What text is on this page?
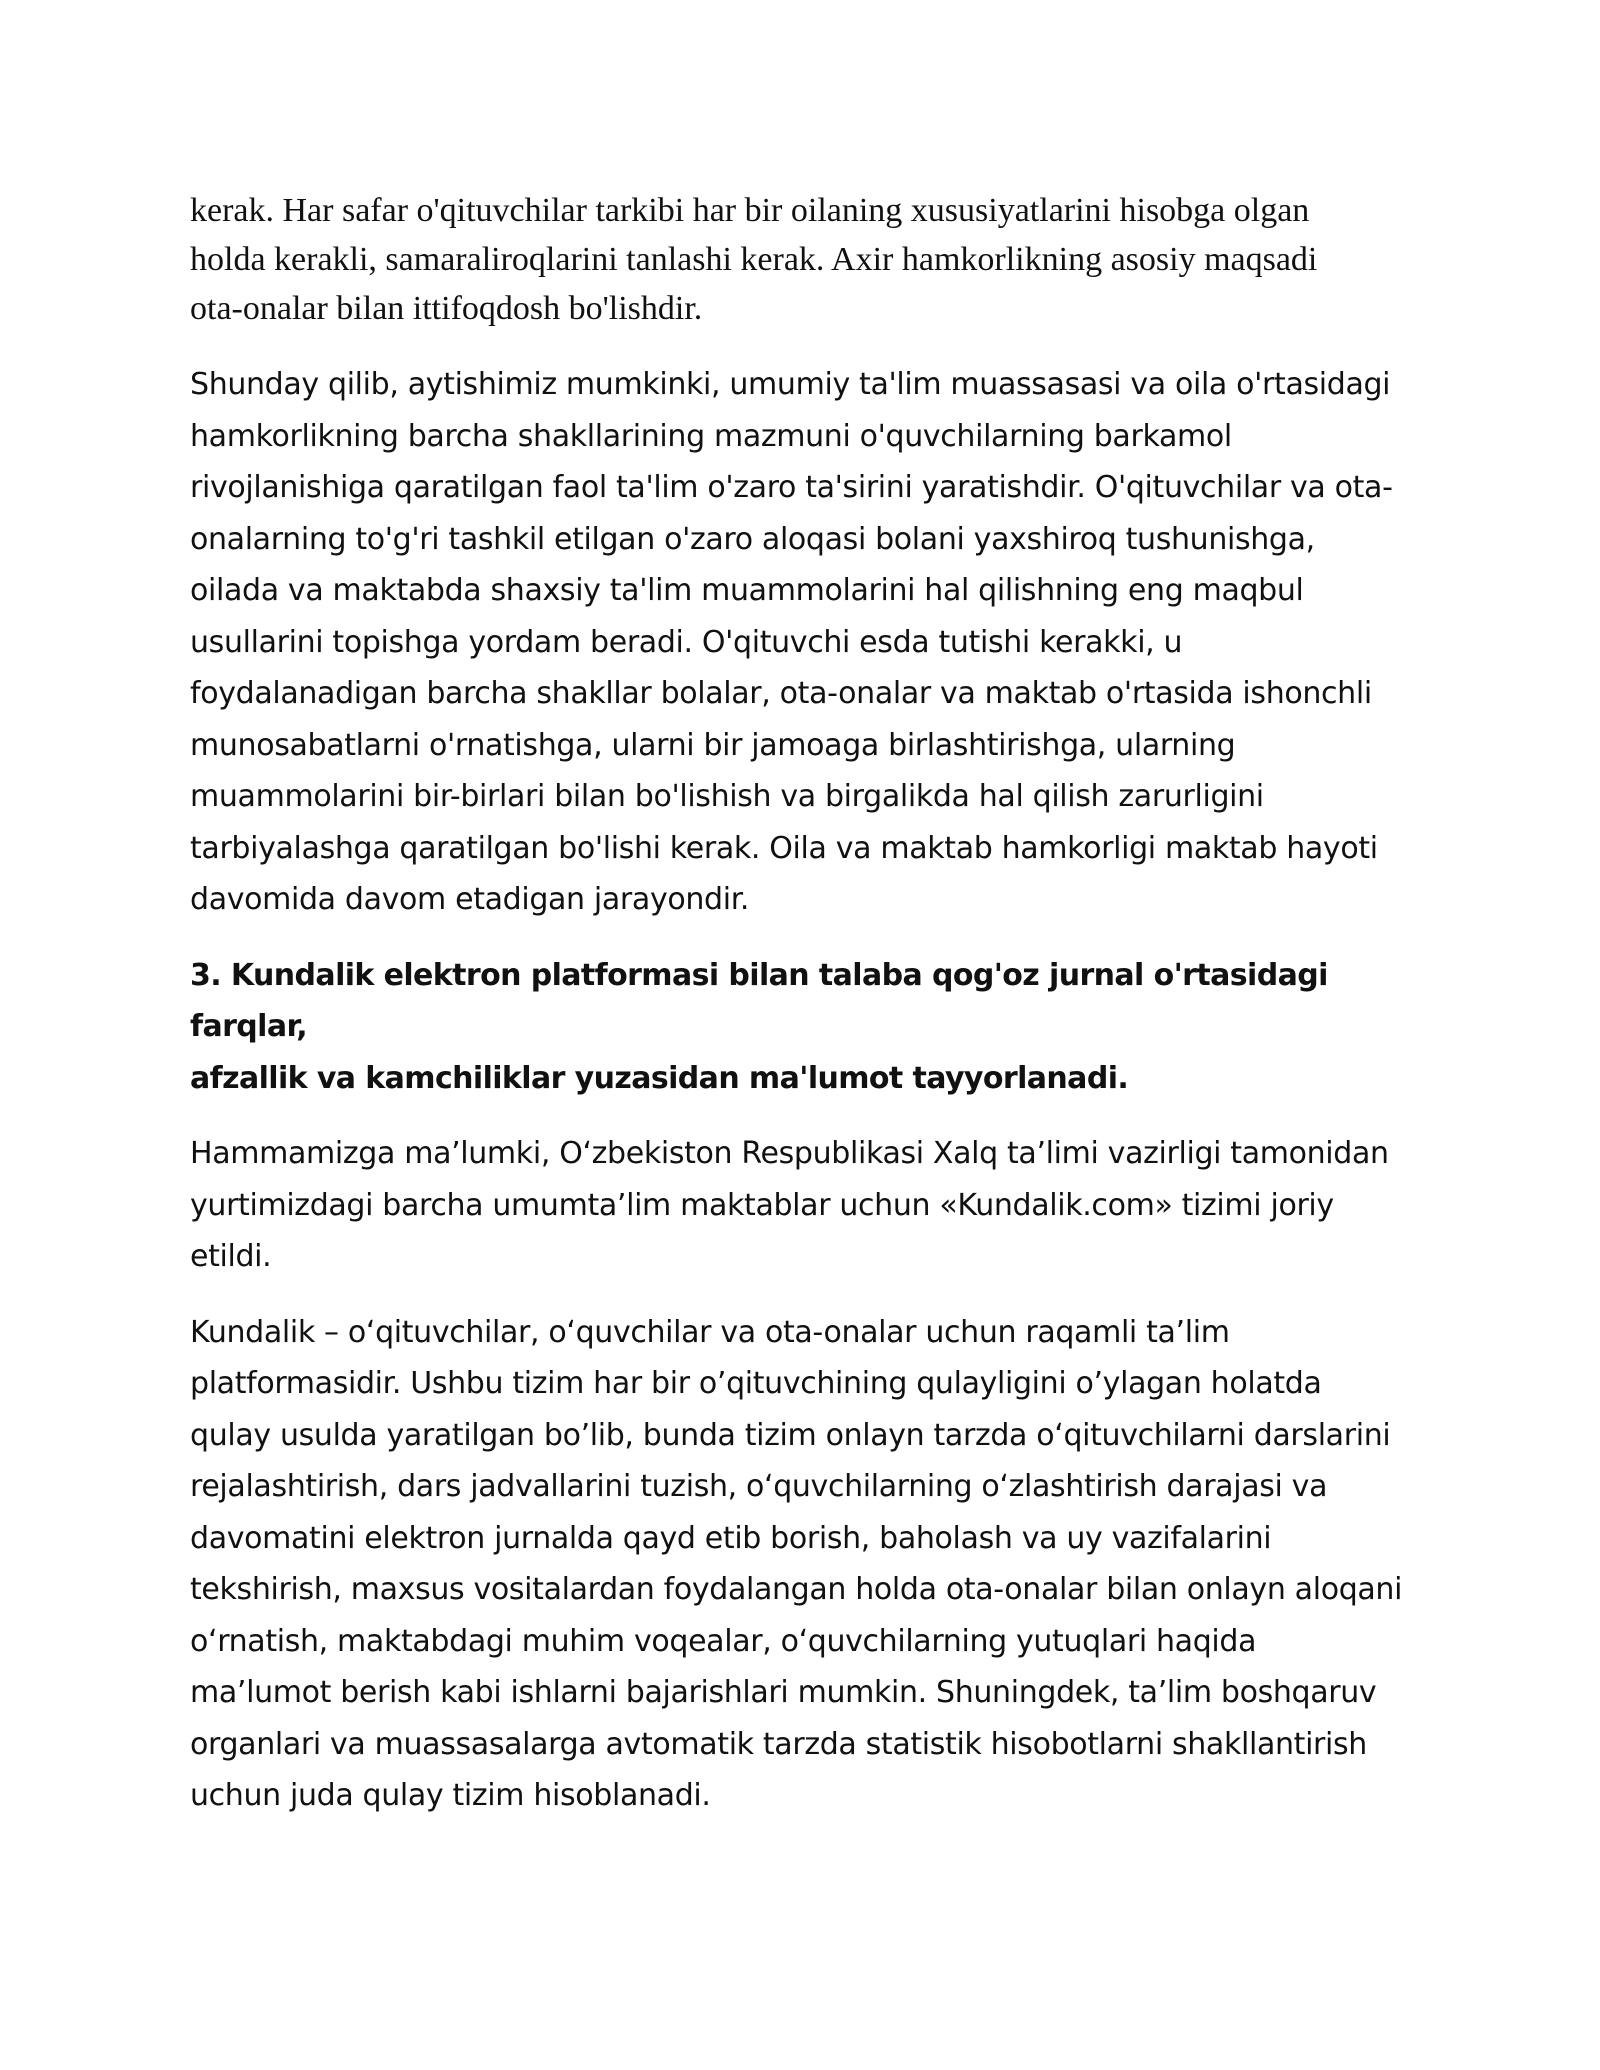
kerak. Har safar o'qituvchilar tarkibi har bir oilaning xususiyatlarini hisobga olgan
holda kerakli, samaraliroqlarini tanlashi kerak. Axir hamkorlikning asosiy maqsadi
ota-onalar bilan ittifoqdosh bo'lishdir.

Shunday qilib, aytishimiz mumkinki, umumiy ta'lim muassasasi va oila o'rtasidagi
hamkorlikning barcha shakllarining mazmuni o'quvchilarning barkamol
rivojlanishiga qaratilgan faol ta'lim o'zaro ta'sirini yaratishdir. O'qituvchilar va ota-
onalarning to'g'ri tashkil etilgan o'zaro aloqasi bolani yaxshiroq tushunishga,
oilada va maktabda shaxsiy ta'lim muammolarini hal qilishning eng maqbul
usullarini topishga yordam beradi. O'qituvchi esda tutishi kerakki, u
foydalanadigan barcha shakllar bolalar, ota-onalar va maktab o'rtasida ishonchli
munosabatlarni o'rnatishga, ularni bir jamoaga birlashtirishga, ularning
muammolarini bir-birlari bilan bo'lishish va birgalikda hal qilish zarurligini
tarbiyalashga qaratilgan bo'lishi kerak. Oila va maktab hamkorligi maktab hayoti
davomida davom etadigan jarayondir.

3. Kundalik elektron platformasi bilan talaba qog'oz jurnal o'rtasidagi farqlar,
afzallik va kamchiliklar yuzasidan ma'lumot tayyorlanadi.

Hammamizga ma’lumki, O‘zbekiston Respublikasi Xalq ta’limi vazirligi tamonidan
yurtimizdagi barcha umumta’lim maktablar uchun «Kundalik.com» tizimi joriy
etildi.

Kundalik – o‘qituvchilar, o‘quvchilar va ota-onalar uchun raqamli ta’lim
platformasidir. Ushbu tizim har bir o’qituvchining qulayligini o’ylagan holatda
qulay usulda yaratilgan bo’lib, bunda tizim onlayn tarzda o‘qituvchilarni darslarini
rejalashtirish, dars jadvallarini tuzish, o‘quvchilarning o‘zlashtirish darajasi va
davomatini elektron jurnalda qayd etib borish, baholash va uy vazifalarini
tekshirish, maxsus vositalardan foydalangan holda ota-onalar bilan onlayn aloqani
o‘rnatish, maktabdagi muhim voqealar, o‘quvchilarning yutuqlari haqida
ma’lumot berish kabi ishlarni bajarishlari mumkin. Shuningdek, ta’lim boshqaruv
organlari va muassasalarga avtomatik tarzda statistik hisobotlarni shakllantirish
uchun juda qulay tizim hisoblanadi.
